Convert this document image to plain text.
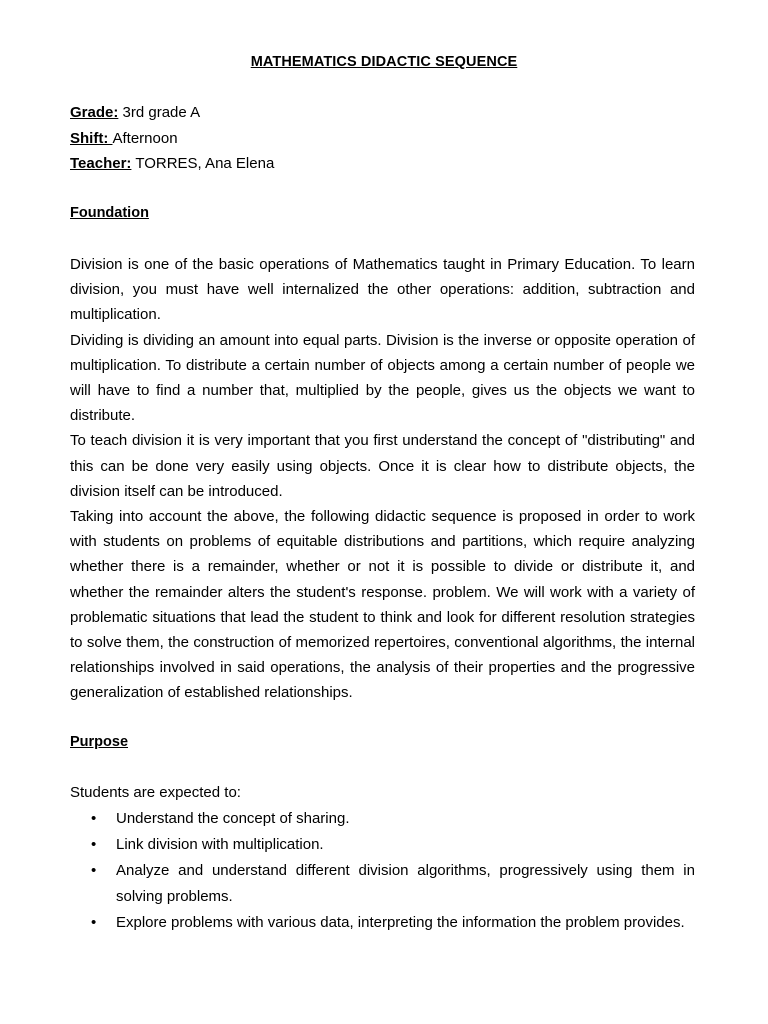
MATHEMATICS DIDACTIC SEQUENCE
Grade: 3rd grade A
Shift: Afternoon
Teacher: TORRES, Ana Elena
Foundation

Division is one of the basic operations of Mathematics taught in Primary Education. To learn division, you must have well internalized the other operations: addition, subtraction and multiplication.

Dividing is dividing an amount into equal parts. Division is the inverse or opposite operation of multiplication. To distribute a certain number of objects among a certain number of people we will have to find a number that, multiplied by the people, gives us the objects we want to distribute.

To teach division it is very important that you first understand the concept of "distributing" and this can be done very easily using objects. Once it is clear how to distribute objects, the division itself can be introduced.

Taking into account the above, the following didactic sequence is proposed in order to work with students on problems of equitable distributions and partitions, which require analyzing whether there is a remainder, whether or not it is possible to divide or distribute it, and whether the remainder alters the student's response. problem. We will work with a variety of problematic situations that lead the student to think and look for different resolution strategies to solve them, the construction of memorized repertoires, conventional algorithms, the internal relationships involved in said operations, the analysis of their properties and the progressive generalization of established relationships.

Purpose
Students are expected to:
• Understand the concept of sharing.
• Link division with multiplication.
• Analyze and understand different division algorithms, progressively using them in solving problems.
• Explore problems with various data, interpreting the information the problem provides.
